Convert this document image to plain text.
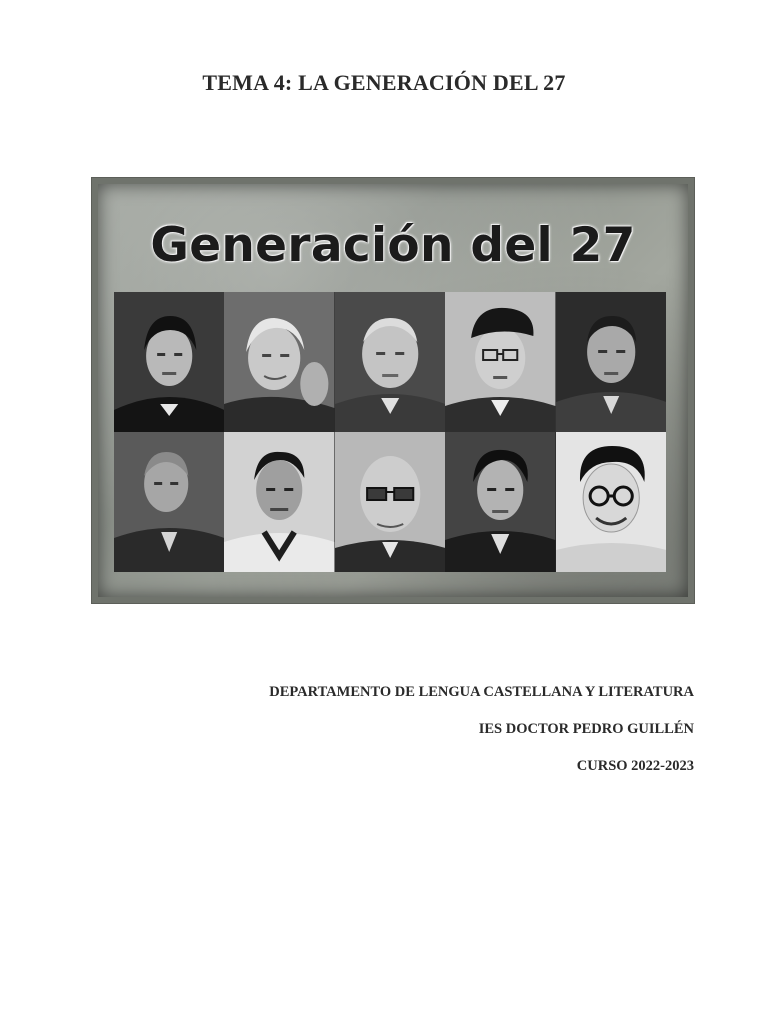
TEMA 4: LA GENERACIÓN DEL 27
Generación del 27

DEPARTAMENTO DE LENGUA CASTELLANA Y LITERATURA

IES DOCTOR PEDRO GUILLÉN

CURSO 2022-2023
